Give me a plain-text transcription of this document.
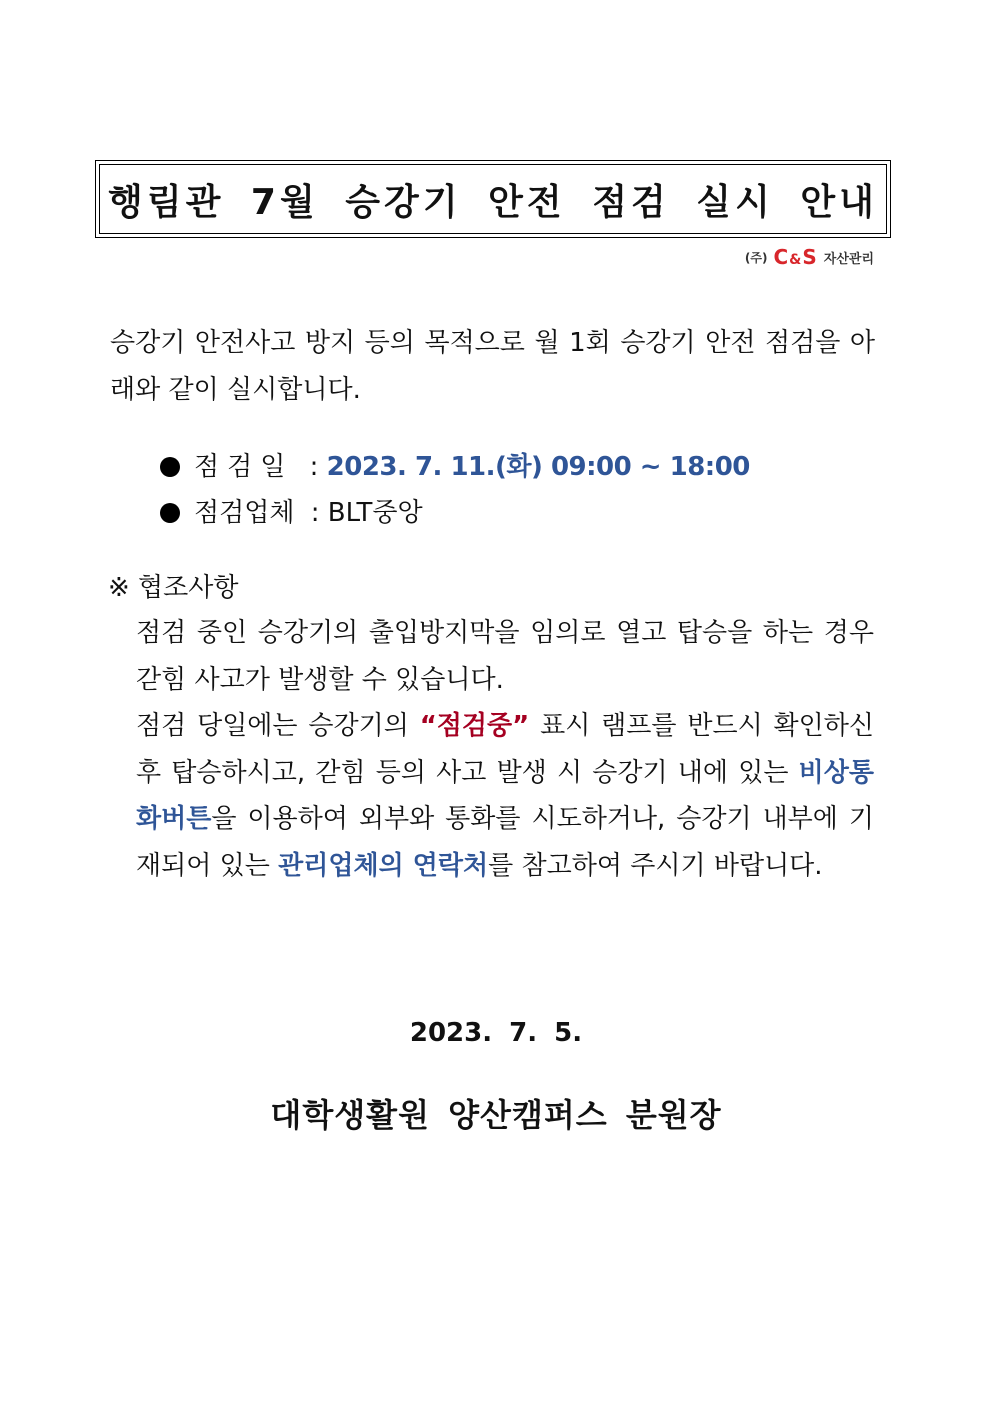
행림관 7월 승강기 안전 점검 실시 안내
(주) C&S 자산관리
승강기 안전사고 방지 등의 목적으로 월 1회 승강기 안전 점검을 아래와 같이 실시합니다.
점검일 : 2023. 7. 11.(화) 09:00 ~ 18:00
점검업체 : BLT중앙
※ 협조사항

점검 중인 승강기의 출입방지막을 임의로 열고 탑승을 하는 경우 갇힘 사고가 발생할 수 있습니다.

점검 당일에는 승강기의 “점검중” 표시 램프를 반드시 확인하신 후 탑승하시고, 갇힘 등의 사고 발생 시 승강기 내에 있는 비상통화버튼을 이용하여 외부와 통화를 시도하거나, 승강기 내부에 기재되어 있는 관리업체의 연락처를 참고하여 주시기 바랍니다.

2023. 7. 5.
대학생활원 양산캠퍼스 분원장
